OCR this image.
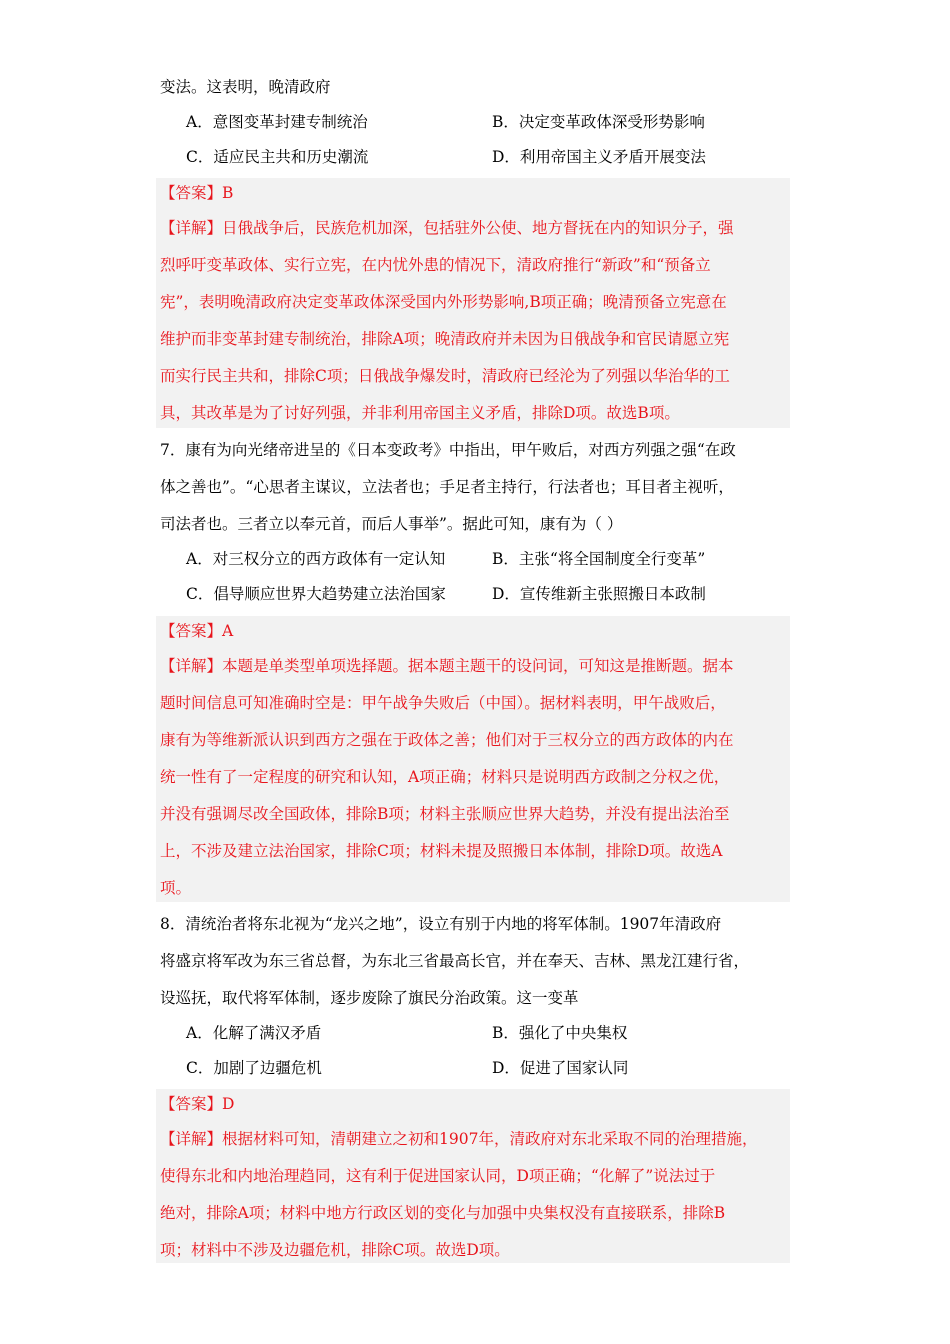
变法。这表明，晚清政府
A．意图变革封建专制统治	B．决定变革政体深受形势影响
C．适应民主共和历史潮流	D．利用帝国主义矛盾开展变法
【答案】B
【详解】日俄战争后，民族危机加深，包括驻外公使、地方督抚在内的知识分子，强
烈呼吁变革政体、实行立宪，在内忧外患的情况下，清政府推行“新政”和“预备立
宪”，表明晚清政府决定变革政体深受国内外形势影响,B项正确；晚清预备立宪意在
维护而非变革封建专制统治，排除A项；晚清政府并未因为日俄战争和官民请愿立宪
而实行民主共和，排除C项；日俄战争爆发时，清政府已经沦为了列强以华治华的工
具，其改革是为了讨好列强，并非利用帝国主义矛盾，排除D项。故选B项。
7．康有为向光绪帝进呈的《日本变政考》中指出，甲午败后，对西方列强之强“在政
体之善也”。“心思者主谋议，立法者也；手足者主持行，行法者也；耳目者主视听，
司法者也。三者立以奉元首，而后人事举”。据此可知，康有为（ ）
A．对三权分立的西方政体有一定认知	B．主张“将全国制度全行变革”
C．倡导顺应世界大趋势建立法治国家	D．宣传维新主张照搬日本政制
【答案】A
【详解】本题是单类型单项选择题。据本题主题干的设问词，可知这是推断题。据本
题时间信息可知准确时空是：甲午战争失败后（中国）。据材料表明，甲午战败后，
康有为等维新派认识到西方之强在于政体之善；他们对于三权分立的西方政体的内在
统一性有了一定程度的研究和认知，A项正确；材料只是说明西方政制之分权之优，
并没有强调尽改全国政体，排除B项；材料主张顺应世界大趋势，并没有提出法治至
上，不涉及建立法治国家，排除C项；材料未提及照搬日本体制，排除D项。故选A
项。
8．清统治者将东北视为“龙兴之地”，设立有别于内地的将军体制。1907年清政府
将盛京将军改为东三省总督，为东北三省最高长官，并在奉天、吉林、黑龙江建行省，
设巡抚，取代将军体制，逐步废除了旗民分治政策。这一变革
A．化解了满汉矛盾	B．强化了中央集权
C．加剧了边疆危机	D．促进了国家认同
【答案】D
【详解】根据材料可知，清朝建立之初和1907年，清政府对东北采取不同的治理措施，
使得东北和内地治理趋同，这有利于促进国家认同，D项正确；“化解了”说法过于
绝对，排除A项；材料中地方行政区划的变化与加强中央集权没有直接联系，排除B
项；材料中不涉及边疆危机，排除C项。故选D项。
